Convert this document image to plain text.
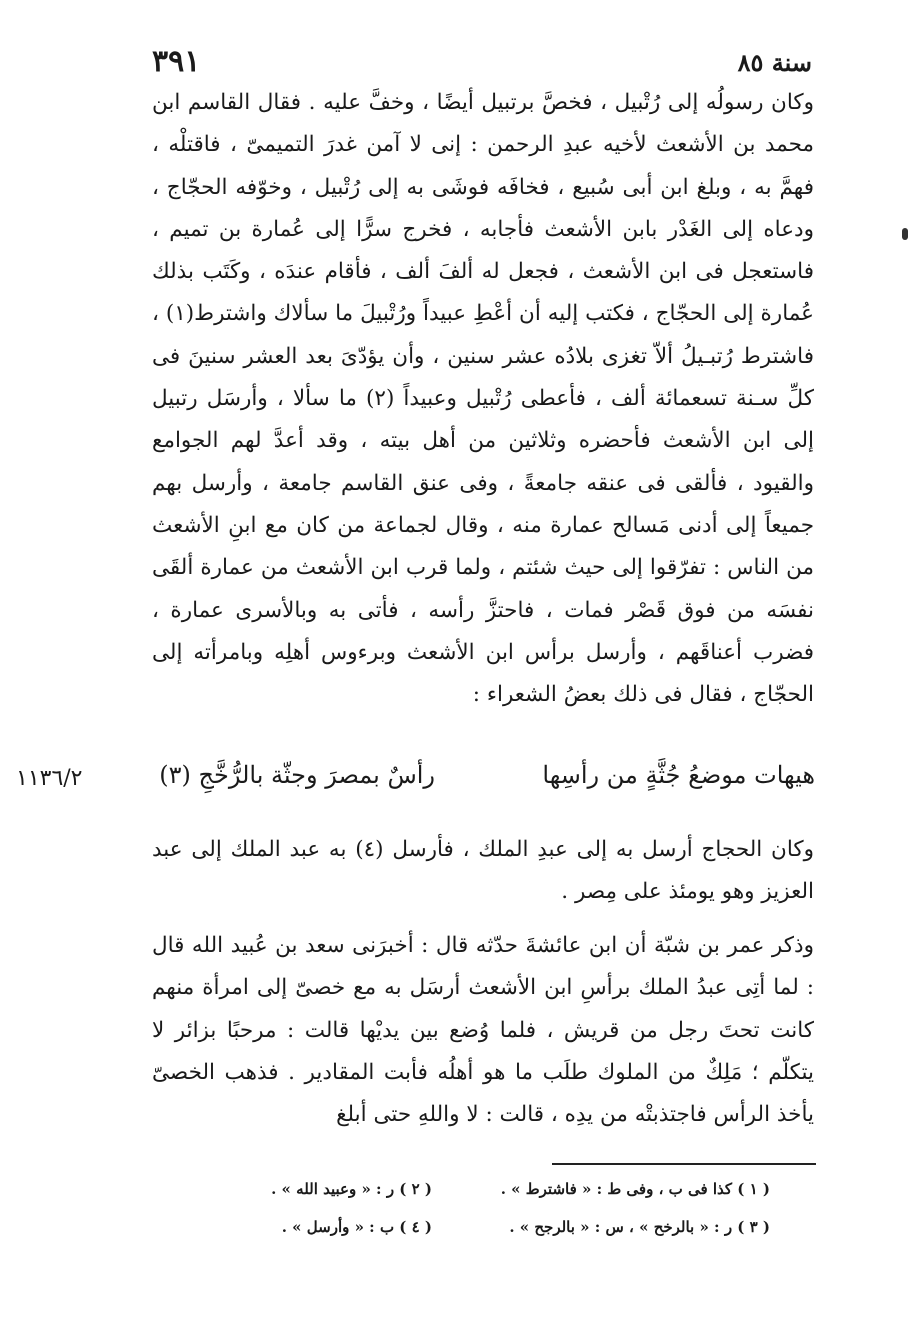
سنة ٨٥
٣٩١
وكان رسولُه إلى رُتْبيل ، فخصَّ برتبيل أيضًا ، وخفَّ عليه . فقال القاسم ابن محمد بن الأشعث لأخيه عبدِ الرحمن : إنى لا آمن غدرَ التميمىّ ، فاقتلْه ، فهمَّ به ، وبلغ ابن أبى سُبيع ، فخافَه فوشَى به إلى رُتْبيل ، وخوّفه الحجّاج ، ودعاه إلى الغَدْر بابن الأشعث فأجابه ، فخرج سرًّا إلى عُمارة بن تميم ، فاستعجل فى ابن الأشعث ، فجعل له ألفَ ألف ، فأقام عندَه ، وكَتَب بذلك عُمارة إلى الحجّاج ، فكتب إليه أن أعْطِ عبيداً ورُتْبيلَ ما سألاك واشترط(١) ، فاشترط رُتبـيلُ ألاّ تغزى بلادُه عشر سنين ، وأن يؤدّىَ بعد العشر سنينَ فى كلِّ سـنة تسعمائة ألف ، فأعطى رُتْبيل وعبيداً (٢) ما سألا ، وأرسَل رتبيل إلى ابن الأشعث فأحضره وثلاثين من أهل بيته ، وقد أعدَّ لهم الجوامع والقيود ، فألقى فى عنقه جامعةً ، وفى عنق القاسم جامعة ، وأرسل بهم جميعاً إلى أدنى مَسالح عمارة منه ، وقال لجماعة من كان مع ابنِ الأشعث من الناس : تفرّقوا إلى حيث شئتم ، ولما قرب ابن الأشعث من عمارة ألقَى نفسَه من فوق قَصْر فمات ، فاحتزَّ رأسه ، فأتى به وبالأسرى عمارة ، فضرب أعناقَهم ، وأرسل برأس ابن الأشعث وبرءوس أهلِه وبامرأته إلى الحجّاج ، فقال فى ذلك بعضُ الشعراء :
هيهات موضعُ جُثَّةٍ من رأسِها
رأسٌ بمصرَ وجثّة بالرُّخَّجِ (٣)
١١٣٦/٢
وكان الحجاج أرسل به إلى عبدِ الملك ، فأرسل (٤) به عبد الملك إلى عبد العزيز وهو يومئذ على مِصر .
وذكر عمر بن شبّة أن ابن عائشةَ حدّثه قال : أخبرَنى سعد بن عُبيد الله قال : لما أتِى عبدُ الملك برأسِ ابن الأشعث أرسَل به مع خصىّ إلى امرأة منهم كانت تحتَ رجل من قريش ، فلما وُضع بين يديْها قالت : مرحبًا بزائر لا يتكلّم ؛ مَلِكٌ من الملوك طلَب ما هو أهلُه فأبت المقادير . فذهب الخصىّ يأخذ الرأس فاجتذبتْه من يدِه ، قالت : لا واللهِ حتى أبلغ
( ١ ) كذا فى ب ، وفى ط : « فاشترط » .
( ٢ ) ر : « وعبيد الله » .
( ٣ ) ر : « بالرخح » ، س : « بالرجح » .
( ٤ ) ب : « وأرسل » .
